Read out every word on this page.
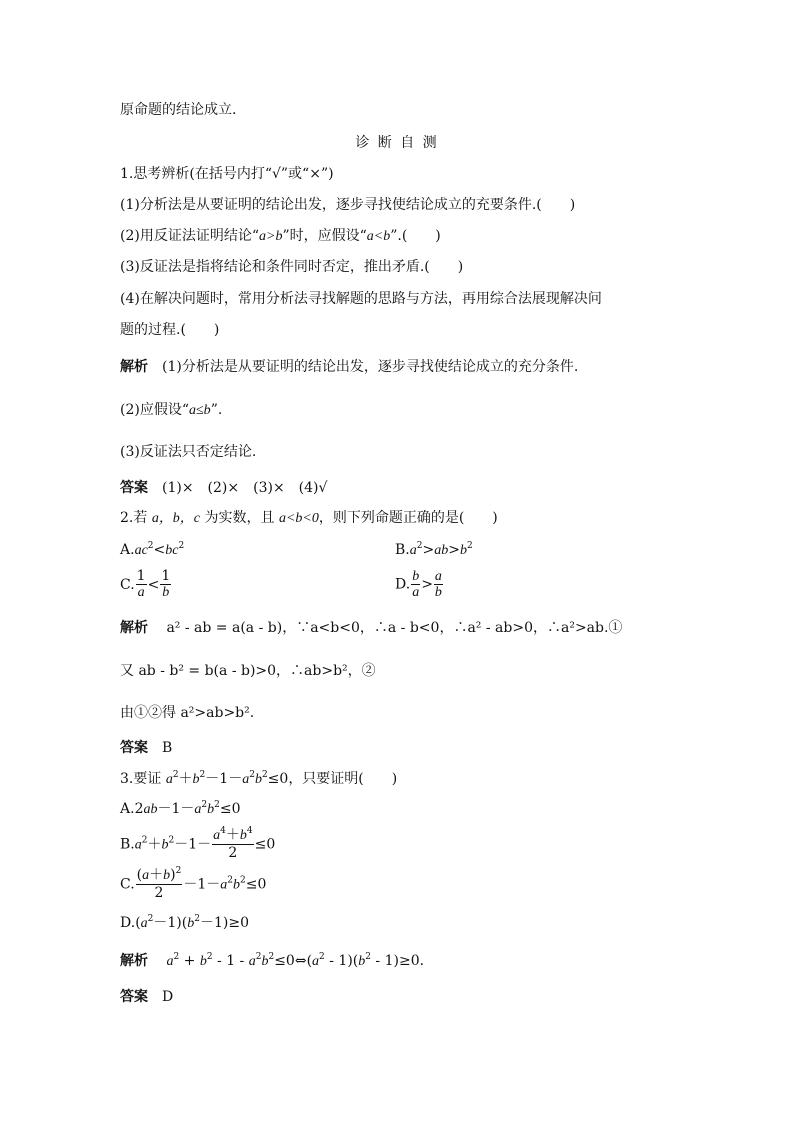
原命题的结论成立.
诊 断 自 测
1.思考辨析(在括号内打“√”或“×”)
(1)分析法是从要证明的结论出发，逐步寻找使结论成立的充要条件.(　　)
(2)用反证法证明结论“a>b”时，应假设“a<b”.(　　)
(3)反证法是指将结论和条件同时否定，推出矛盾.(　　)
(4)在解决问题时，常用分析法寻找解题的思路与方法，再用综合法展现解决问
题的过程.(　　)
解析　 (1)分析法是从要证明的结论出发，逐步寻找使结论成立的充分条件.
(2)应假设“a≤b”.
(3)反证法只否定结论.
答案　 (1)×　(2)×　(3)×　(4)√
2.若 a，b，c 为实数，且 a<b<0，则下列命题正确的是(　　)
$A.ac^2<bc^2$	$B.a^2>ab>b^2$
C. $\frac{1}{a} < \frac{1}{b}$	D. $\frac{b}{a} > \frac{a}{b}$
解析　 a² - ab = a(a - b)，∵a<b<0，∴a - b<0，∴a² - ab>0，∴a²>ab.①
又 ab - b² = b(a - b)>0，∴ab>b²，②
由①②得 a²>ab>b².
答案　 B
3.要证 $a^2+b^2-1-a^2b^2\le 0$，只要证明(　　)
$A.2ab-1-a^2b^2\le 0$
$B.a^2+b^2-1- \frac{a^4+b^4}{2} \le 0$
C. $\frac{(a+b)^2}{2} -1-a^2b^2\le 0$
$D.(a^2-1)(b^2-1)\ge 0$
解析　 $a^2 + b^2 - 1$ - $a^2b^2\le 0\Leftrightarrow(a^2 - 1)(b^2 - 1)\ge 0$.
答案　 D
